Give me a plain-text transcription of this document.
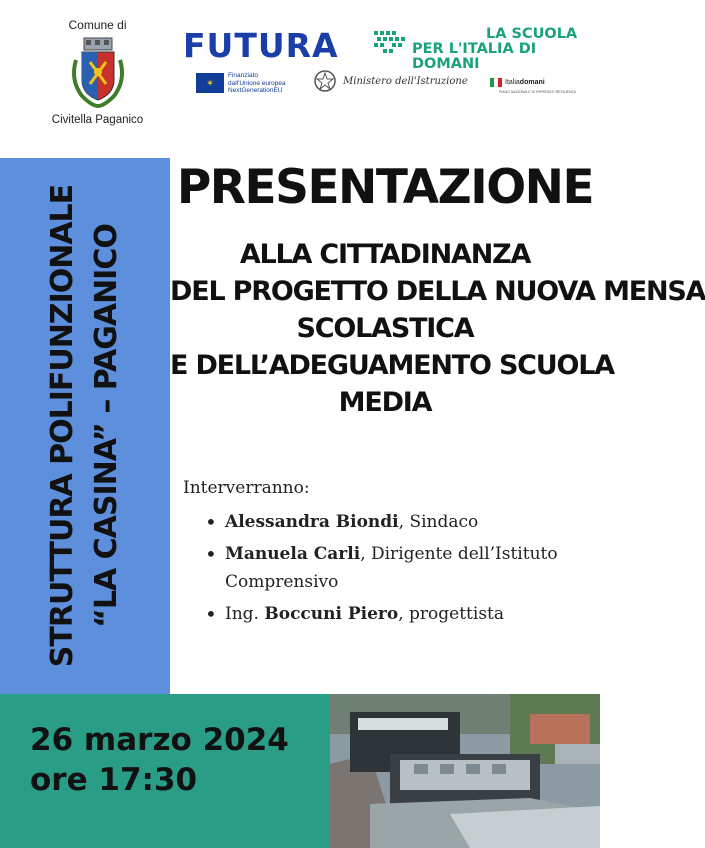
Comune di
Civitella Paganico
FUTURA	LA SCUOLA
PER L'ITALIA DI DOMANI
✶
Finanziato
dall'Unione europea
NextGenerationEU
Ministero dell'Istruzione	Italiadomani
PIANO NAZIONALE DI RIPRESA E RESILIENZA
STRUTTURA POLIFUNZIONALE “LA CASINA” – PAGANICO
PRESENTAZIONE
ALLA CITTADINANZA
DEL PROGETTO DELLA NUOVA MENSA
SCOLASTICA
E DELL’ADEGUAMENTO SCUOLA
MEDIA
Interverranno:
• Alessandra Biondi, Sindaco
• Manuela Carli, Dirigente dell’Istituto Comprensivo
• Ing. Boccuni Piero, progettista
26 marzo 2024
ore 17:30
